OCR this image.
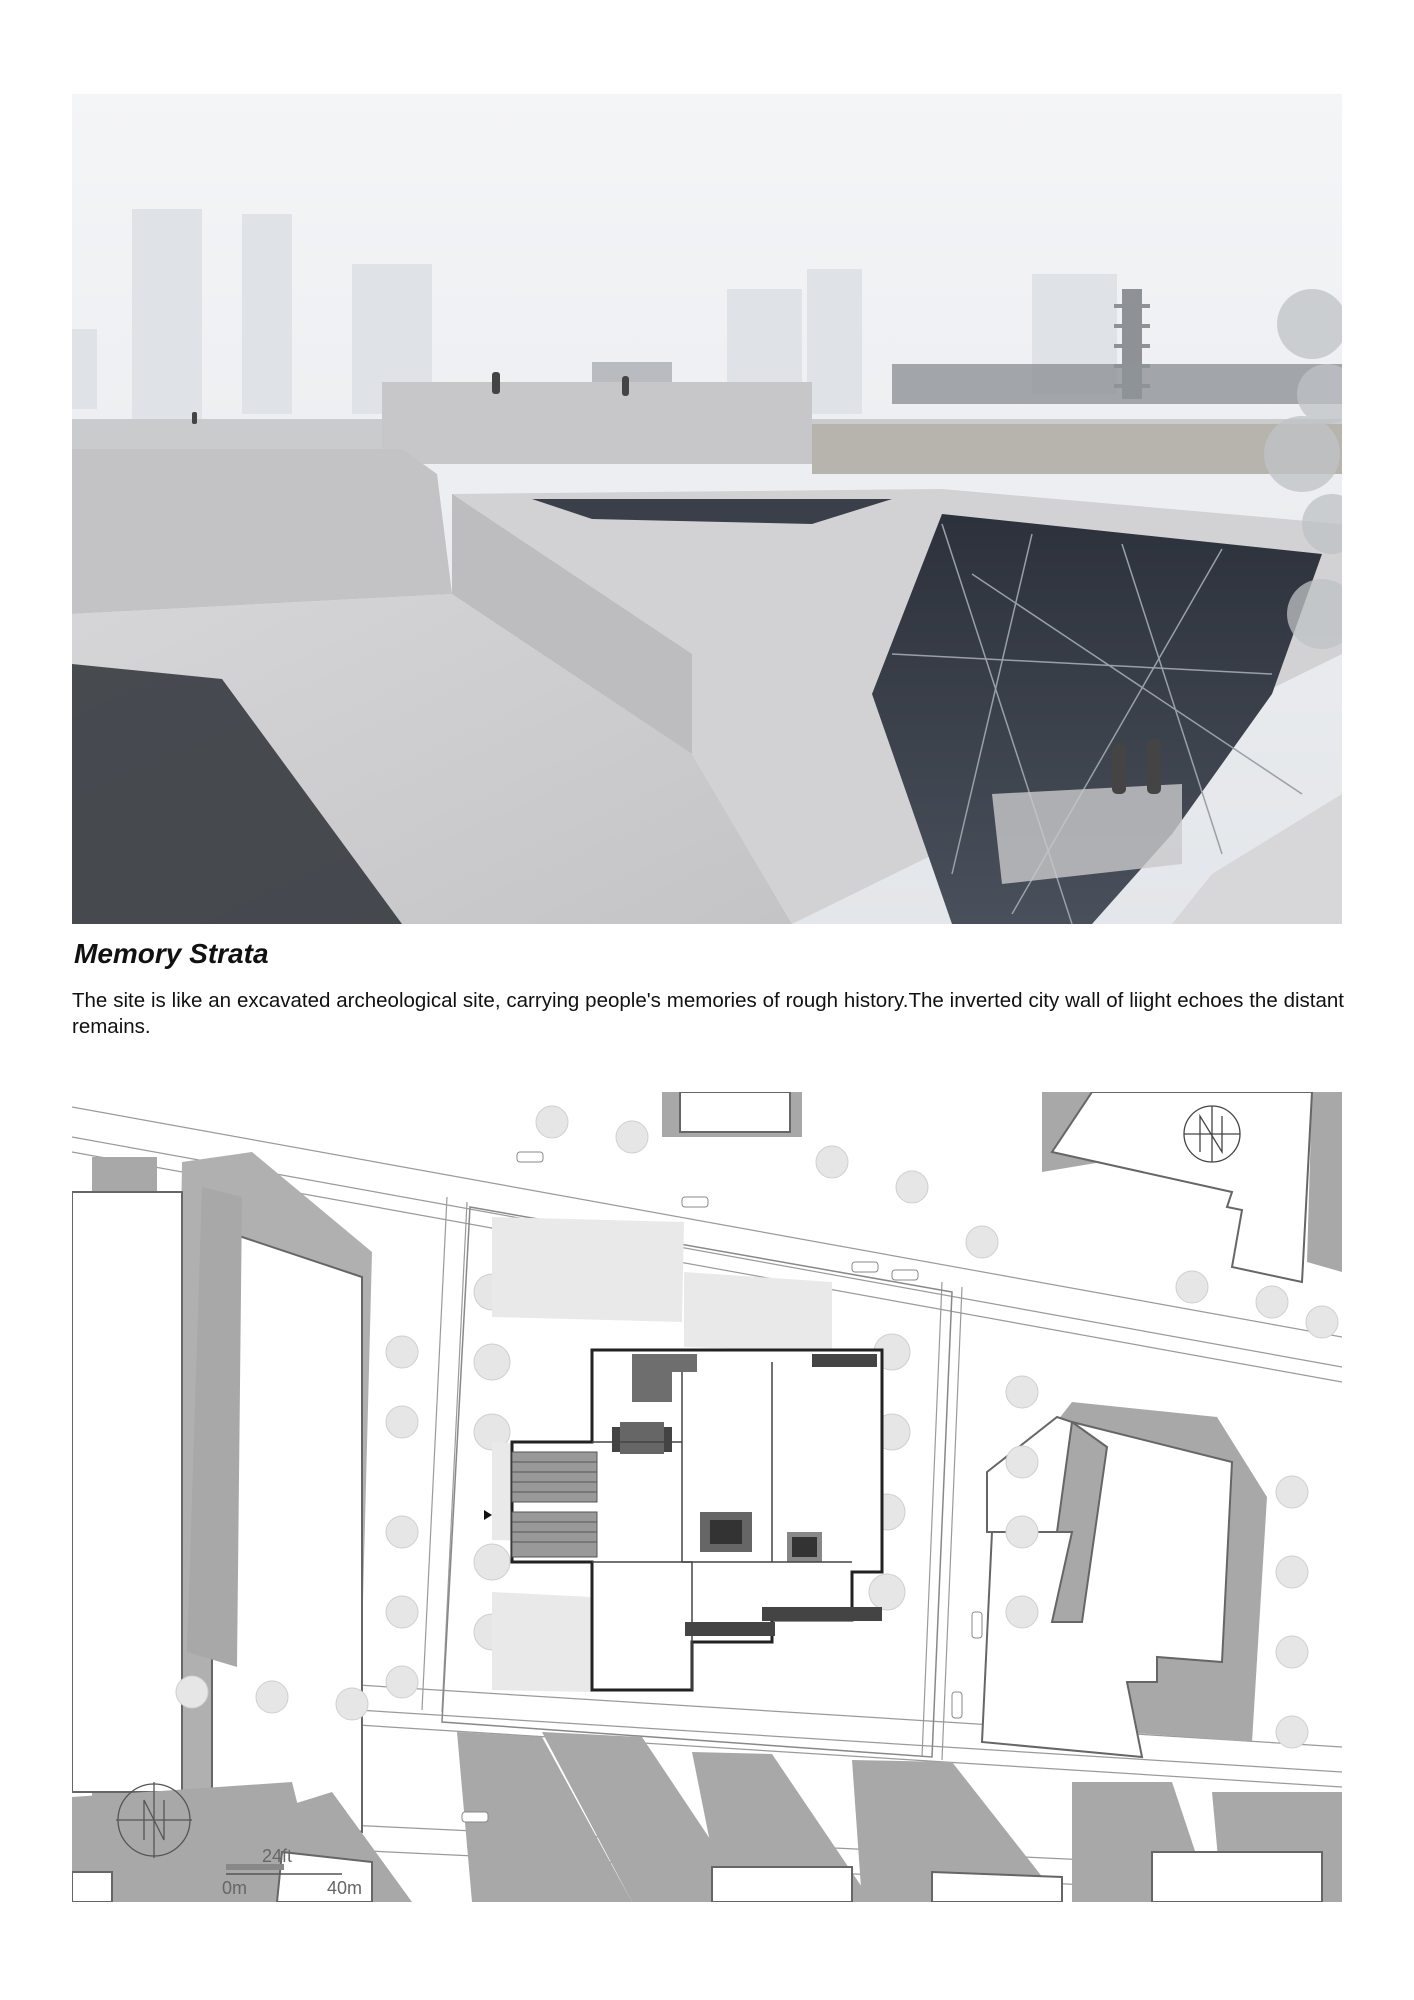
Memory Strata

The site is like an excavated archeological site, carrying people's memories of rough history.The inverted city wall of liight echoes the distant remains.

24ft
0m	40m
